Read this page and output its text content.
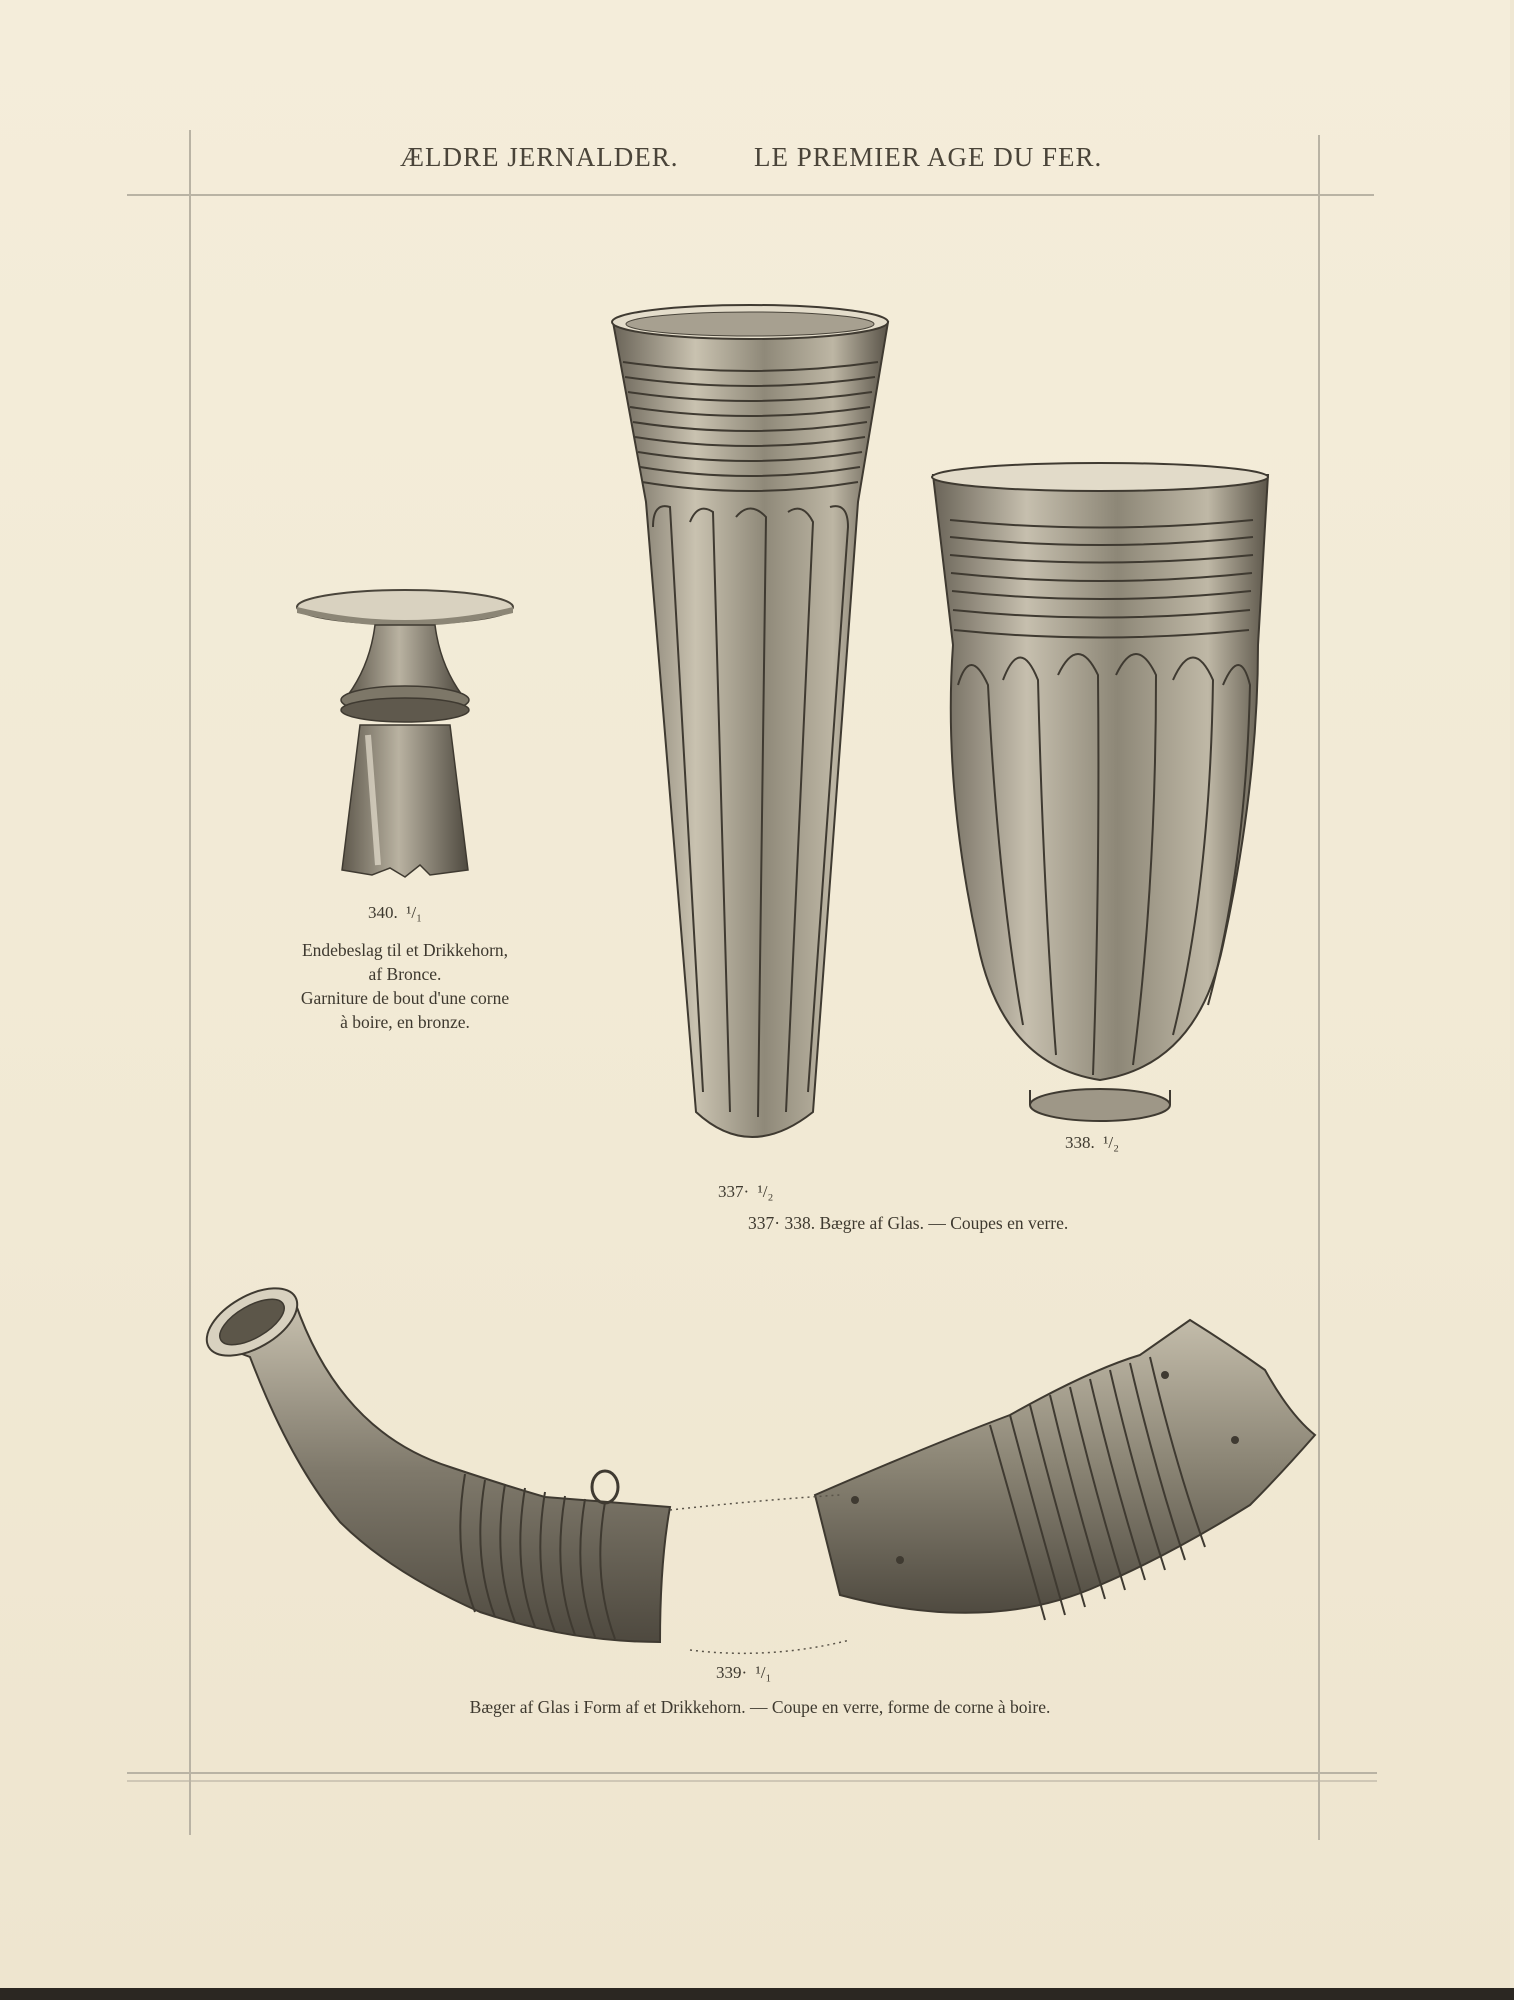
ÆLDRE JERNALDER.	LE PREMIER AGE DU FER.
340. ¹/₁
Endebeslag til et Drikkehorn,
af Bronce.
Garniture de bout d'une corne
à boire, en bronze.
337· ¹/₂
338. ¹/₂
337· 338. Bægre af Glas. — Coupes en verre.
339· ¹/₁
Bæger af Glas i Form af et Drikkehorn. — Coupe en verre, forme de corne à boire.
